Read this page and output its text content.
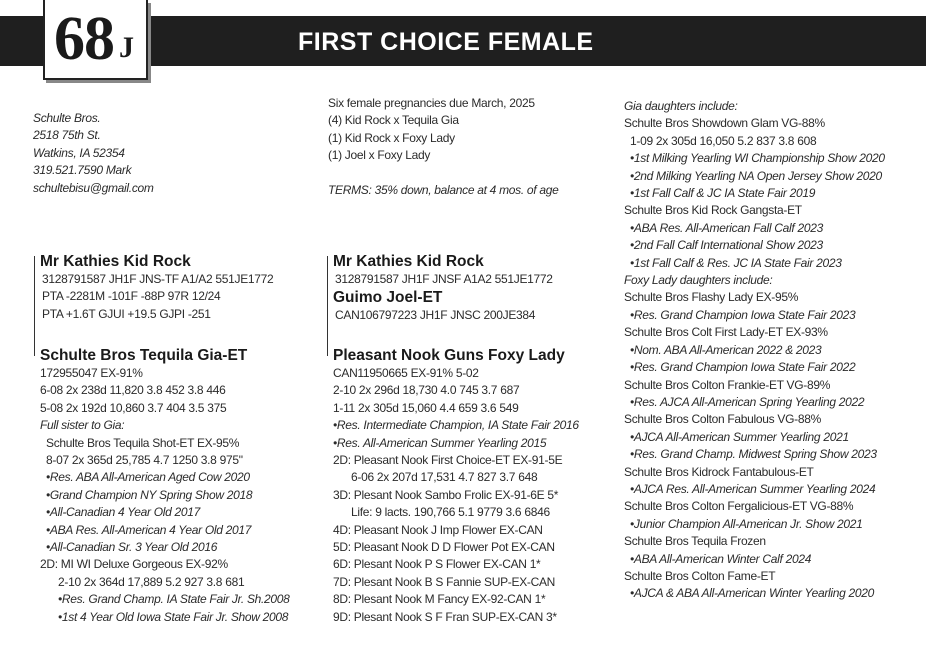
FIRST CHOICE FEMALE
68 J
Schulte Bros.
2518 75th St.
Watkins, IA 52354
319.521.7590 Mark
schultebisu@gmail.com
Six female pregnancies due March, 2025
(4) Kid Rock x Tequila Gia
(1) Kid Rock x Foxy Lady
(1) Joel x Foxy Lady
TERMS: 35% down, balance at 4 mos. of age
Mr Kathies Kid Rock
3128791587 JH1F JNS-TF A1/A2 551JE1772
PTA -2281M -101F -88P 97R 12/24
PTA +1.6T GJUI +19.5 GJPI -251
Schulte Bros Tequila Gia-ET
172955047 EX-91%
6-08 2x 238d 11,820 3.8 452 3.8 446
5-08 2x 192d 10,860 3.7 404 3.5 375
Full sister to Gia:
Schulte Bros Tequila Shot-ET EX-95%
8-07 2x 365d 25,785 4.7 1250 3.8 975"
•Res. ABA All-American Aged Cow 2020
•Grand Champion NY Spring Show 2018
•All-Canadian 4 Year Old 2017
•ABA Res. All-American 4 Year Old 2017
•All-Canadian Sr. 3 Year Old 2016
2D: MI WI Deluxe Gorgeous EX-92%
2-10 2x 364d 17,889 5.2 927 3.8 681
•Res. Grand Champ. IA State Fair Jr. Sh.2008
•1st 4 Year Old Iowa State Fair Jr. Show 2008
Mr Kathies Kid Rock
3128791587 JH1F JNSF A1A2 551JE1772
Guimo Joel-ET
CAN106797223 JH1F JNSC 200JE384
Pleasant Nook Guns Foxy Lady
CAN11950665 EX-91% 5-02
2-10 2x 296d 18,730 4.0 745 3.7 687
1-11 2x 305d 15,060 4.4 659 3.6 549
•Res. Intermediate Champion, IA State Fair 2016
•Res. All-American Summer Yearling 2015
2D: Pleasant Nook First Choice-ET EX-91-5E
6-06 2x 207d 17,531 4.7 827 3.7 648
3D: Plesant Nook Sambo Frolic EX-91-6E 5*
Life: 9 lacts. 190,766 5.1 9779 3.6 6846
4D: Pleasant Nook J Imp Flower EX-CAN
5D: Pleasant Nook D D Flower Pot EX-CAN
6D: Plesant Nook P S Flower EX-CAN 1*
7D: Plesant Nook B S Fannie SUP-EX-CAN
8D: Plesant Nook M Fancy EX-92-CAN 1*
9D: Plesant Nook S F Fran SUP-EX-CAN 3*
Gia daughters include:
Schulte Bros Showdown Glam VG-88%
1-09 2x 305d 16,050 5.2 837 3.8 608
•1st Milking Yearling WI Championship Show 2020
•2nd Milking Yearling NA Open Jersey Show 2020
•1st Fall Calf & JC IA State Fair 2019
Schulte Bros Kid Rock Gangsta-ET
•ABA Res. All-American Fall Calf 2023
•2nd Fall Calf International Show 2023
•1st Fall Calf & Res. JC IA State Fair 2023
Foxy Lady daughters include:
Schulte Bros Flashy Lady EX-95%
•Res. Grand Champion Iowa State Fair 2023
Schulte Bros Colt First Lady-ET EX-93%
•Nom. ABA All-American 2022 & 2023
•Res. Grand Champion Iowa State Fair 2022
Schulte Bros Colton Frankie-ET VG-89%
•Res. AJCA All-American Spring Yearling 2022
Schulte Bros Colton Fabulous VG-88%
•AJCA All-American Summer Yearling 2021
•Res. Grand Champ. Midwest Spring Show 2023
Schulte Bros Kidrock Fantabulous-ET
•AJCA Res. All-American Summer Yearling 2024
Schulte Bros Colton Fergalicious-ET VG-88%
•Junior Champion All-American Jr. Show 2021
Schulte Bros Tequila Frozen
•ABA All-American Winter Calf 2024
Schulte Bros Colton Fame-ET
•AJCA & ABA All-American Winter Yearling 2020
